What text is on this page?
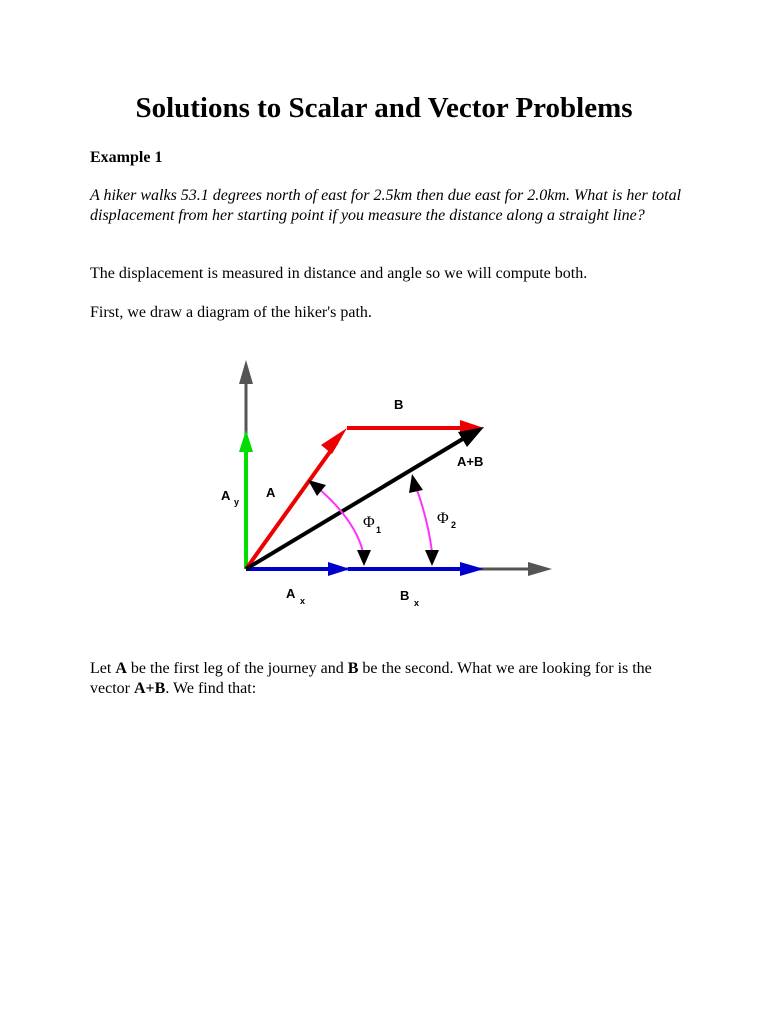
Solutions to Scalar and Vector Problems

Example 1

A hiker walks 53.1 degrees north of east for 2.5km then due east for 2.0km. What is her total displacement from her starting point if you measure the distance along a straight line?

The displacement is measured in distance and angle so we will compute both.

First, we draw a diagram of the hiker's path.

B
A+B
A
A y
Φ 1
Φ 2
A x	B x

Let A be the first leg of the journey and B be the second. What we are looking for is the vector A+B. We find that:
